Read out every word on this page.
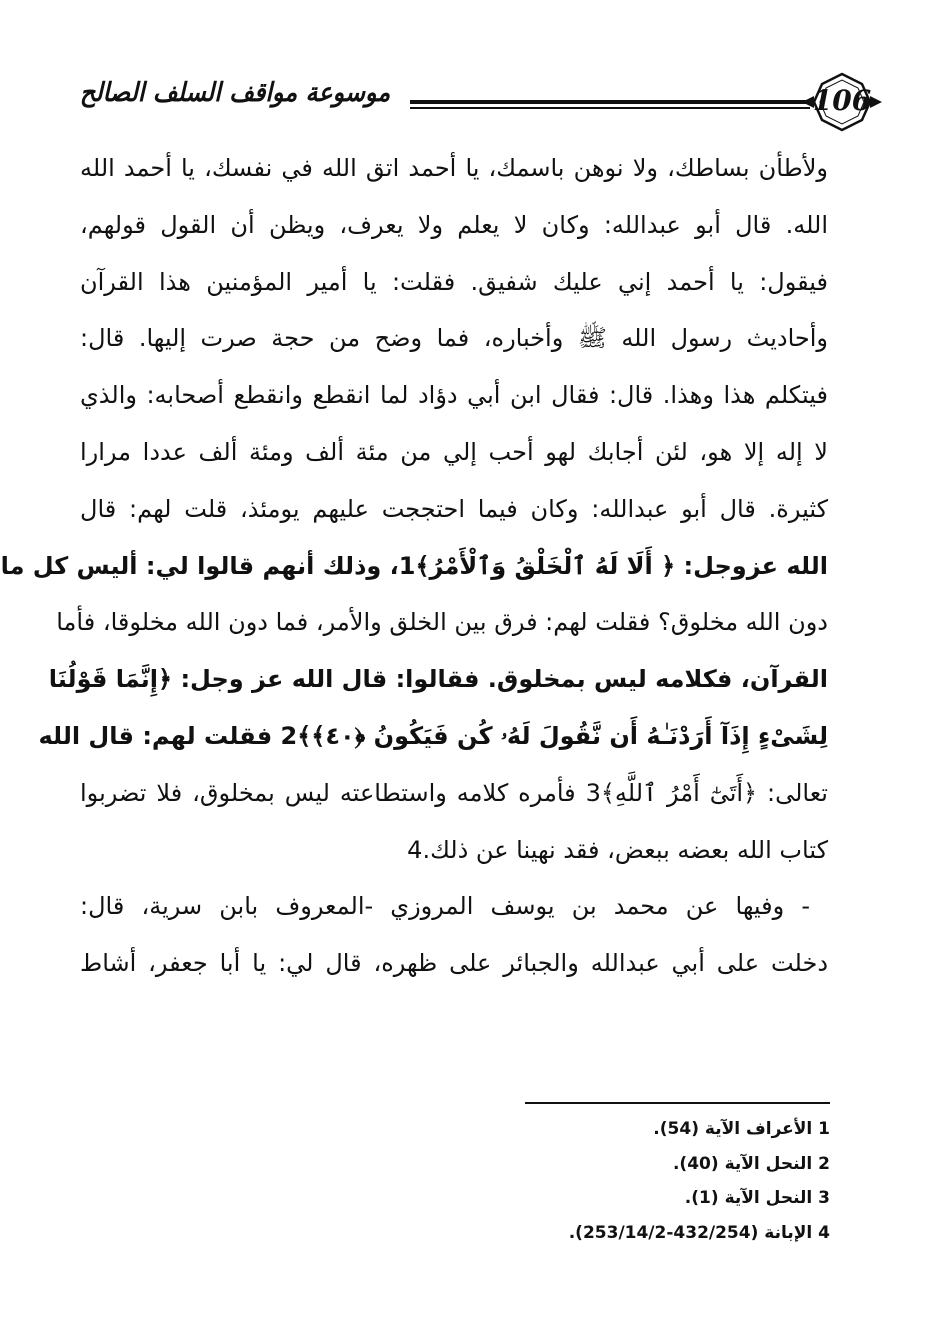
موسوعة مواقف السلف الصالح	106
ولأطأن بساطك، ولا نوهن باسمك، يا أحمد اتق الله في نفسك، يا أحمد الله
الله. قال أبو عبدالله: وكان لا يعلم ولا يعرف، ويظن أن القول قولهم،
فيقول: يا أحمد إني عليك شفيق. فقلت: يا أمير المؤمنين هذا القرآن
وأحاديث رسول الله ﷺ وأخباره، فما وضح من حجة صرت إليها. قال:
فيتكلم هذا وهذا. قال: فقال ابن أبي دؤاد لما انقطع وانقطع أصحابه: والذي
لا إله إلا هو، لئن أجابك لهو أحب إلي من مئة ألف ومئة ألف عددا مرارا
كثيرة. قال أبو عبدالله: وكان فيما احتججت عليهم يومئذ، قلت لهم: قال
الله عزوجل: ﴿ أَلَا لَهُ ٱلْخَلْقُ وَٱلْأَمْرُ﴾1، وذلك أنهم قالوا لي: أليس كل ما
دون الله مخلوق؟ فقلت لهم: فرق بين الخلق والأمر، فما دون الله مخلوقا، فأما
القرآن، فكلامه ليس بمخلوق. فقالوا: قال الله عز وجل: ﴿إِنَّمَا قَوْلُنَا
لِشَىْءٍ إِذَآ أَرَدْنَـٰهُ أَن نَّقُولَ لَهُۥ كُن فَيَكُونُ ﴿٤٠﴾﴾2 فقلت لهم: قال الله
تعالى: ﴿أَتَىٰٓ أَمْرُ ٱللَّهِ﴾3 فأمره كلامه واستطاعته ليس بمخلوق، فلا تضربوا
كتاب الله بعضه ببعض، فقد نهينا عن ذلك.4
- وفيها عن محمد بن يوسف المروزي -المعروف بابن سرية، قال:
دخلت على أبي عبدالله والجبائر على ظهره، قال لي: يا أبا جعفر، أشاط
1 الأعراف الآية (54).
2 النحل الآية (40).
3 النحل الآية (1).
4 الإبانة (432/254-253/14/2).
